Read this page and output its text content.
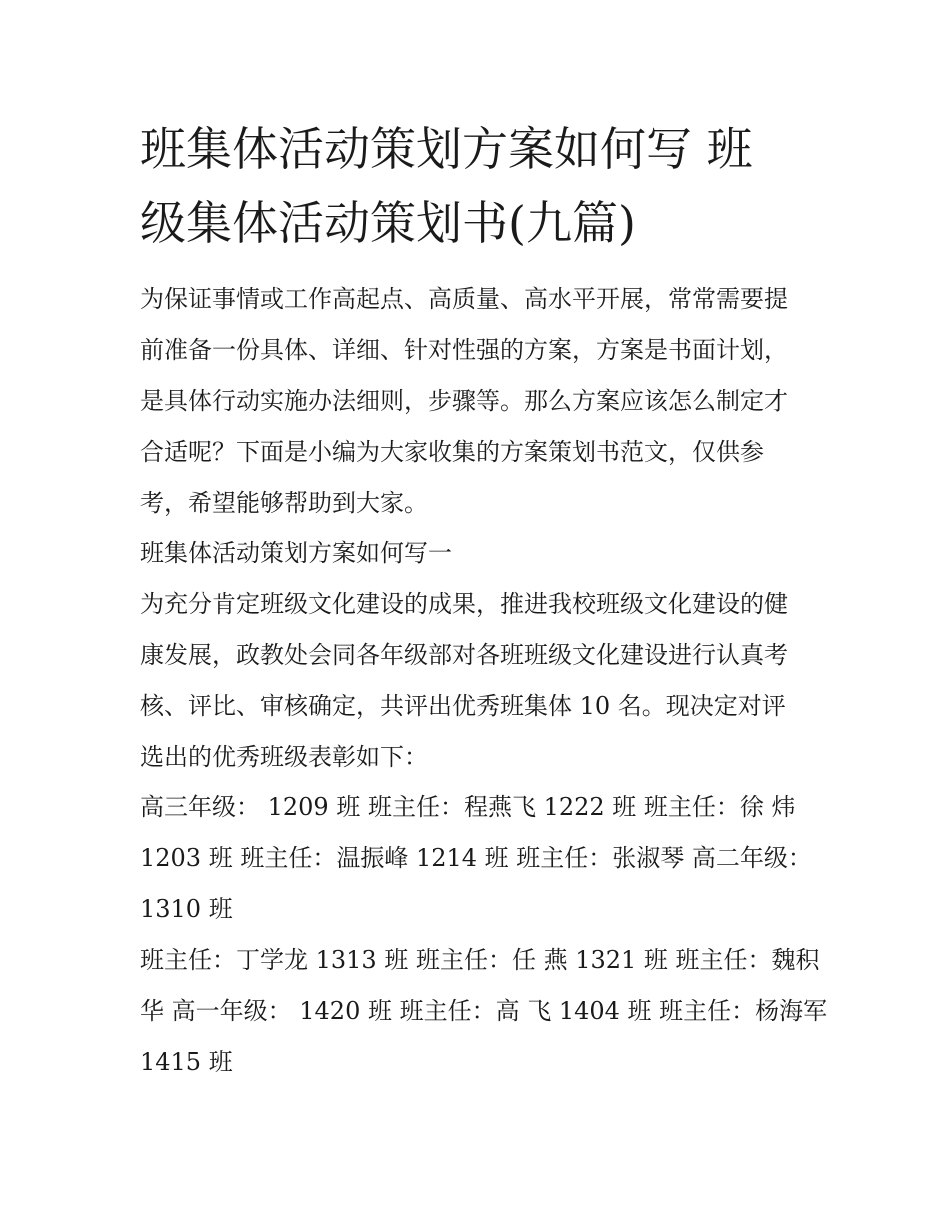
班集体活动策划方案如何写 班
级集体活动策划书(九篇)

为保证事情或工作高起点、高质量、高水平开展，常常需要提
前准备一份具体、详细、针对性强的方案，方案是书面计划，
是具体行动实施办法细则，步骤等。那么方案应该怎么制定才
合适呢？下面是小编为大家收集的方案策划书范文，仅供参
考，希望能够帮助到大家。

班集体活动策划方案如何写一

为充分肯定班级文化建设的成果，推进我校班级文化建设的健
康发展，政教处会同各年级部对各班班级文化建设进行认真考
核、评比、审核确定，共评出优秀班集体 10 名。现决定对评
选出的优秀班级表彰如下：

高三年级： 1209 班 班主任：程燕飞 1222 班 班主任：徐 炜
1203 班 班主任：温振峰 1214 班 班主任：张淑琴 高二年级：
1310 班

班主任：丁学龙 1313 班 班主任：任 燕 1321 班 班主任：魏积
华 高一年级： 1420 班 班主任：高 飞 1404 班 班主任：杨海军
1415 班
